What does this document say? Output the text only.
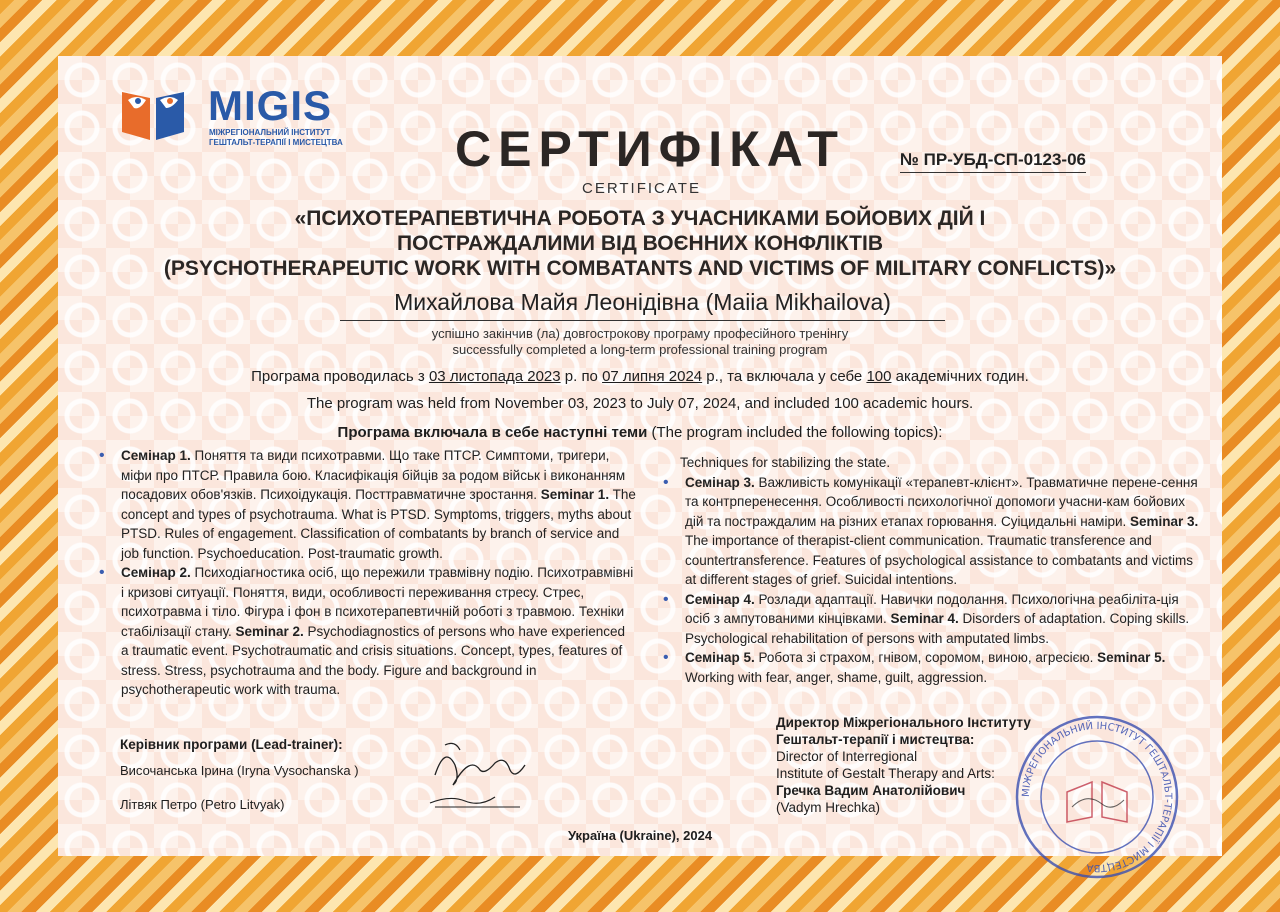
MIGIS
МІЖРЕГІОНАЛЬНИЙ ІНСТИТУТ
ГЕШТАЛЬТ-ТЕРАПІЇ І МИСТЕЦТВА СЕРТИФІКАТ
CERTIFICATE
№ ПР-УБД-СП-0123-06
«ПСИХОТЕРАПЕВТИЧНА РОБОТА З УЧАСНИКАМИ БОЙОВИХ ДІЙ І
ПОСТРАЖДАЛИМИ ВІД ВОЄННИХ КОНФЛІКТІВ
(PSYCHOTHERAPEUTIC WORK WITH COMBATANTS AND VICTIMS OF MILITARY CONFLICTS)»
Михайлова Майя Леонідівна (Maiia Mikhailova)
успішно закінчив (ла) довгострокову програму професійного тренінгу
successfully completed a long-term professional training program
Програма проводилась з 03 листопада 2023 р. по 07 липня 2024 р., та включала у себе 100 академічних годин.
The program was held from November 03, 2023 to July 07, 2024, and included 100 academic hours.
Програма включала в себе наступні теми (The program included the following topics):
• Семінар 1. Поняття та види психотравми. Що таке ПТСР. Симптоми, тригери, міфи про ПТСР. Правила бою. Класифікація бійців за родом військ і виконанням посадових обов'язків. Психоідукація. Посттравматичне зростання. Seminar 1. The concept and types of psychotrauma. What is PTSD. Symptoms, triggers, myths about PTSD. Rules of engagement. Classification of combatants by branch of service and job function. Psychoeducation. Post-traumatic growth.
• Семінар 2. Психодіагностика осіб, що пережили травмівну подію. Психотравмівні і кризові ситуації. Поняття, види, особливості переживання стресу. Стрес, психотравма і тіло. Фігура і фон в психотерапевтичній роботі з травмою. Техніки стабілізації стану. Seminar 2. Psychodiagnostics of persons who have experienced a traumatic event. Psychotraumatic and crisis situations. Concept, types, features of stress. Stress, psychotrauma and the body. Figure and background in psychotherapeutic work with trauma.
Techniques for stabilizing the state.
• Семінар 3. Важливість комунікації «терапевт-клієнт». Травматичне перене-сення та контрперенесення. Особливості психологічної допомоги учасни-кам бойових дій та постраждалим на різних етапах горювання. Суіцидальні наміри. Seminar 3. The importance of therapist-client communication. Traumatic transference and countertransference. Features of psychological assistance to combatants and victims at different stages of grief. Suicidal intentions.
• Семінар 4. Розлади адаптації. Навички подолання. Психологічна реабіліта-ція осіб з ампутованими кінцівками. Seminar 4. Disorders of adaptation. Coping skills. Psychological rehabilitation of persons with amputated limbs.
• Семінар 5. Робота зі страхом, гнівом, соромом, виною, агресією. Seminar 5. Working with fear, anger, shame, guilt, aggression.
Керівник програми (Lead-trainer):
Височанська Ірина (Iryna Vysochanska )
Літвяк Петро (Petro Litvyak)
Директор Міжрегіонального Інституту
Гештальт-терапії і мистецтва:
Director of Interregional
Institute of Gestalt Therapy and Arts:
Гречка Вадим Анатолійович
(Vadym Hrechka)
МІЖРЕГІОНАЛЬНИЙ ІНСТИТУТ ГЕШТАЛЬТ-ТЕРАПІЇ І МИСТЕЦТВА
Україна (Ukraine), 2024
